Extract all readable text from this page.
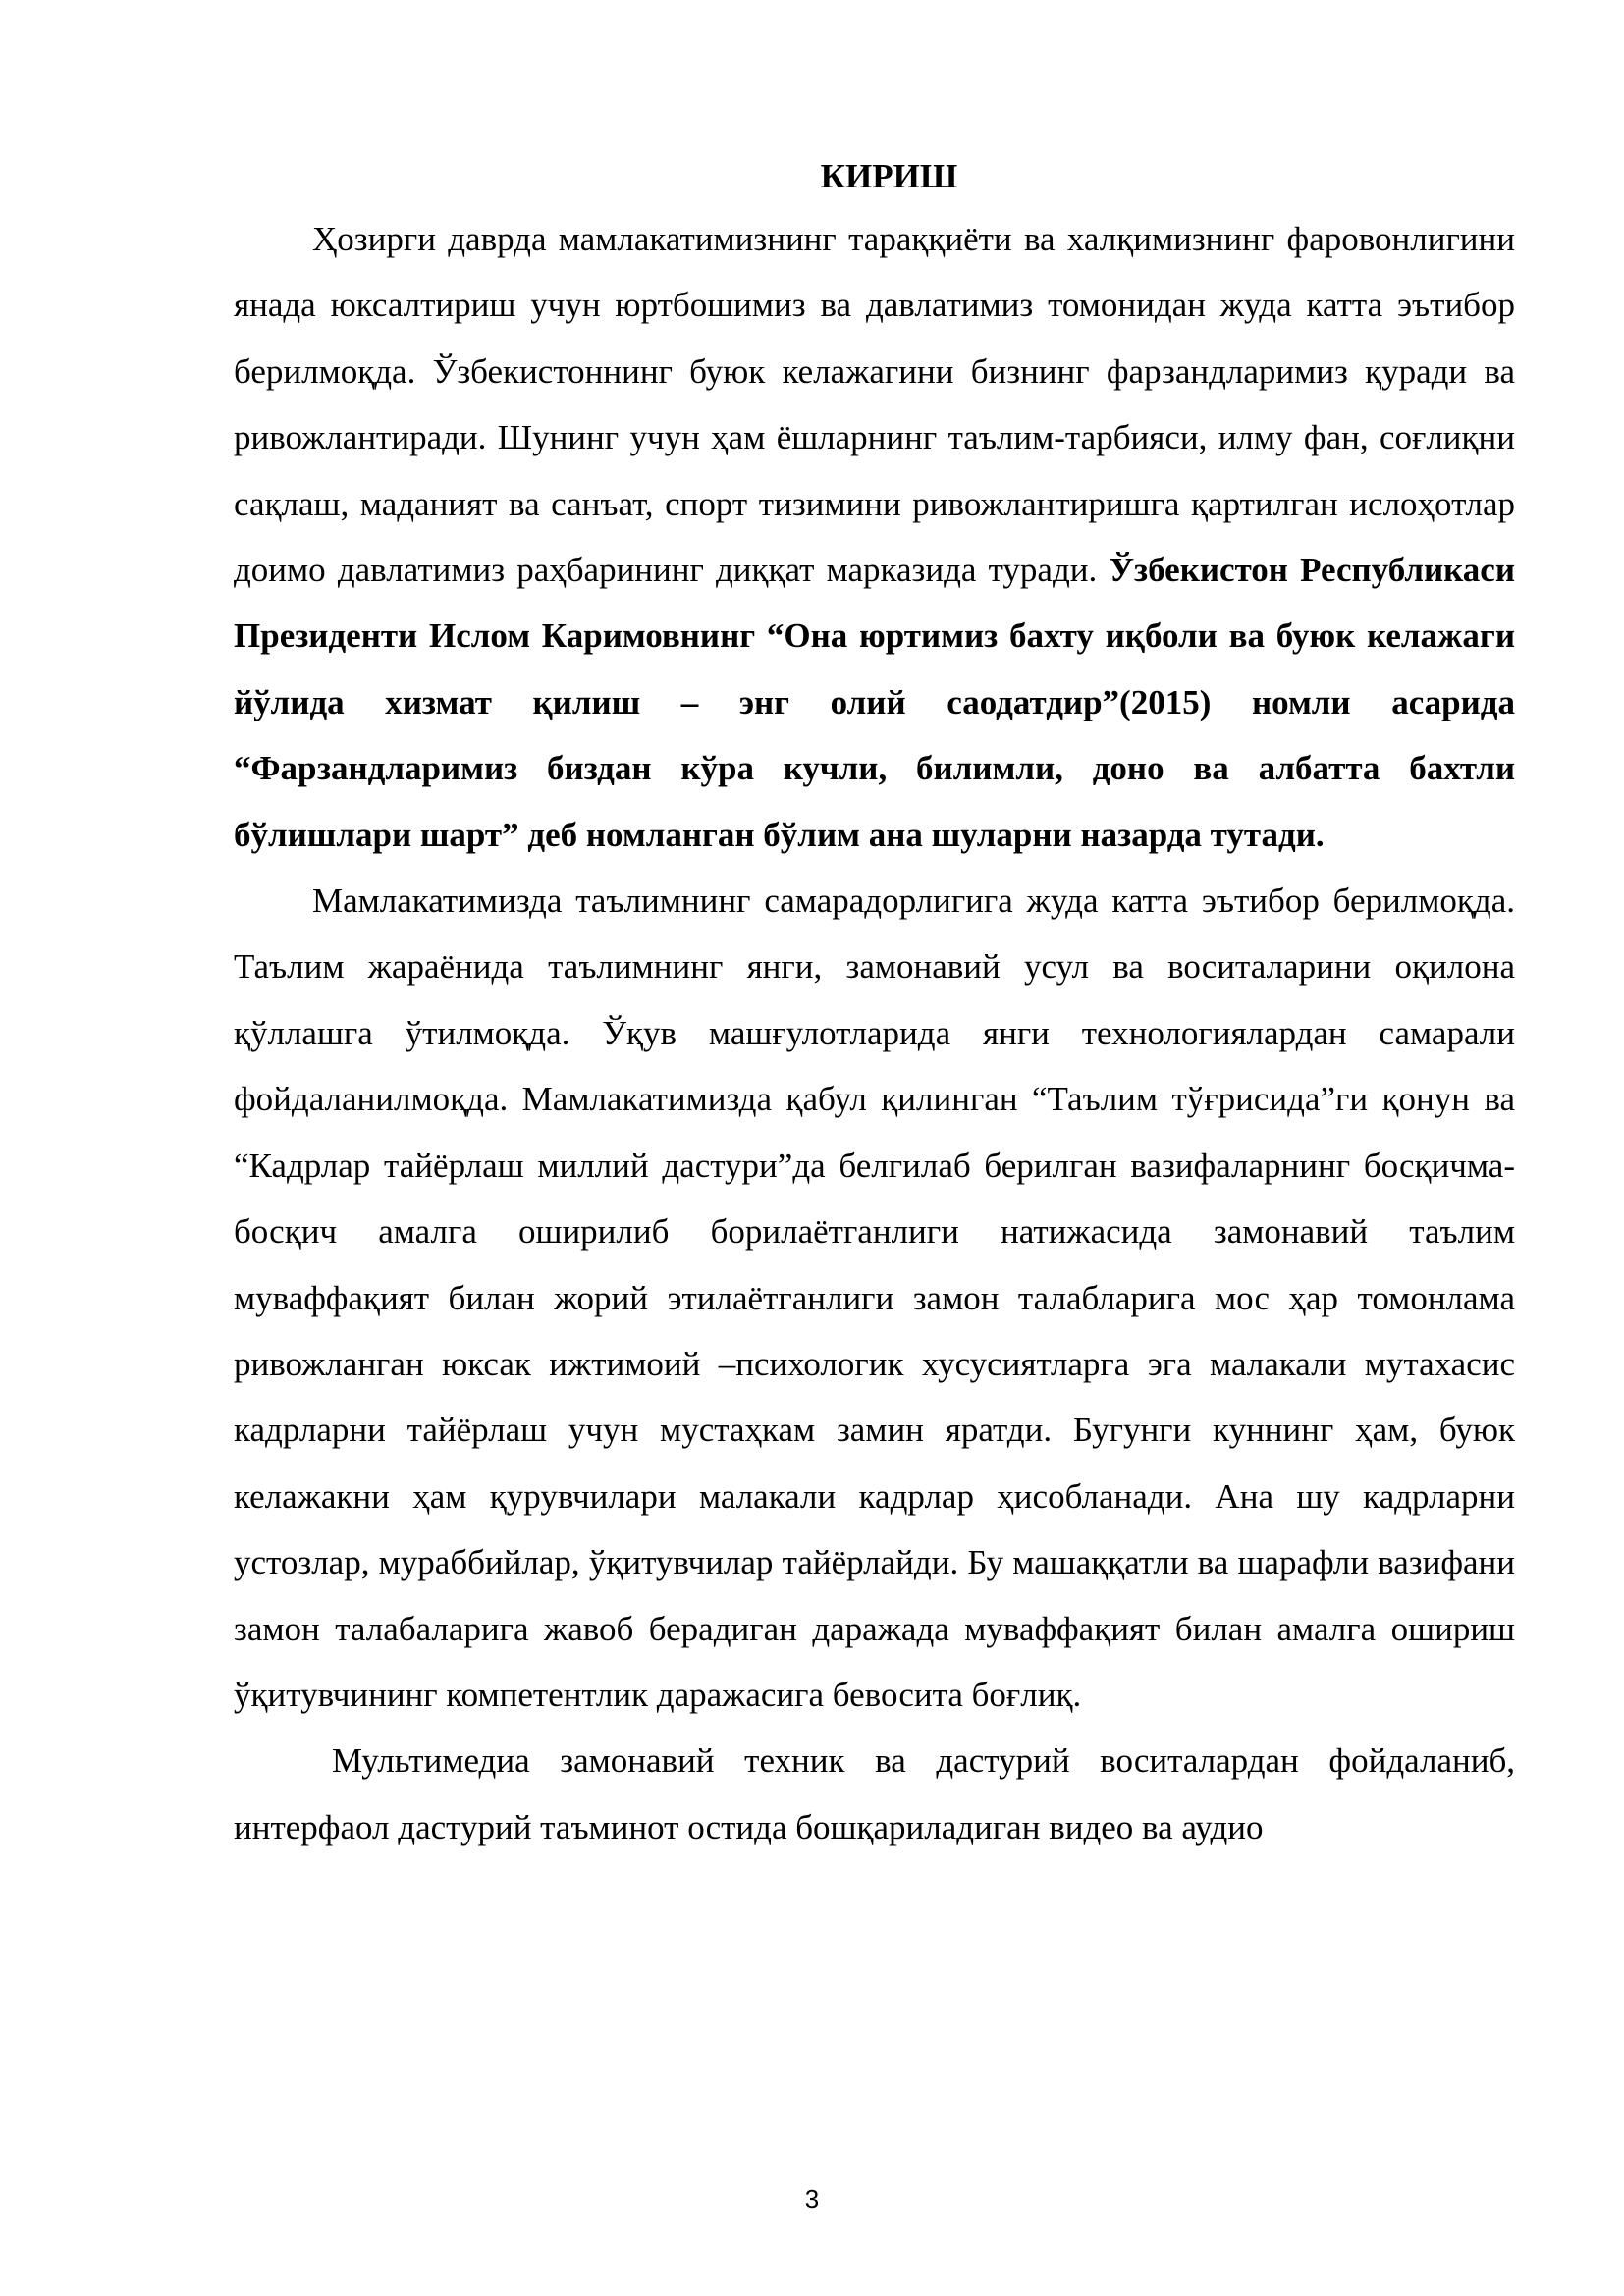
КИРИШ

Ҳозирги даврда мамлакатимизнинг тараққиёти ва халқимизнинг фаровонлигини янада юксалтириш учун юртбошимиз ва давлатимиз томонидан жуда катта эътибор берилмоқда. Ўзбекистоннинг буюк келажагини бизнинг фарзандларимиз қуради ва ривожлантиради. Шунинг учун ҳам ёшларнинг таълим-тарбияси, илму фан, соғлиқни сақлаш, маданият ва санъат, спорт тизимини ривожлантиришга қартилган ислоҳотлар доимо давлатимиз раҳбарининг диққат марказида туради. Ўзбекистон Республикаси Президенти Ислом Каримовнинг “Она юртимиз бахту иқболи ва буюк келажаги йўлида хизмат қилиш – энг олий саодатдир”(2015) номли асарида “Фарзандларимиз биздан кўра кучли, билимли, доно ва албатта бахтли бўлишлари шарт” деб номланган бўлим ана шуларни назарда тутади.

Мамлакатимизда таълимнинг самарадорлигига жуда катта эътибор берилмоқда. Таълим жараёнида таълимнинг янги, замонавий усул ва воситаларини оқилона қўллашга ўтилмоқда. Ўқув машғулотларида янги технологиялардан самарали фойдаланилмоқда. Мамлакатимизда қабул қилинган “Таълим тўғрисида”ги қонун ва “Кадрлар тайёрлаш миллий дастури”да белгилаб берилган вазифаларнинг босқичма-босқич амалга оширилиб борилаётганлиги натижасида замонавий таълим муваффақият билан жорий этилаётганлиги замон талабларига мос ҳар томонлама ривожланган юксак ижтимоий –психологик хусусиятларга эга малакали мутахасис кадрларни тайёрлаш учун мустаҳкам замин яратди. Бугунги куннинг ҳам, буюк келажакни ҳам қурувчилари малакали кадрлар ҳисобланади. Ана шу кадрларни устозлар, мураббийлар, ўқитувчилар тайёрлайди. Бу машаққатли ва шарафли вазифани замон талабаларига жавоб берадиган даражада муваффақият билан амалга ошириш ўқитувчининг компетентлик даражасига бевосита боғлиқ.

Мультимедиа замонавий техник ва дастурий воситалардан фойдаланиб, интерфаол дастурий таъминот остида бошқариладиган видео ва аудио

3
